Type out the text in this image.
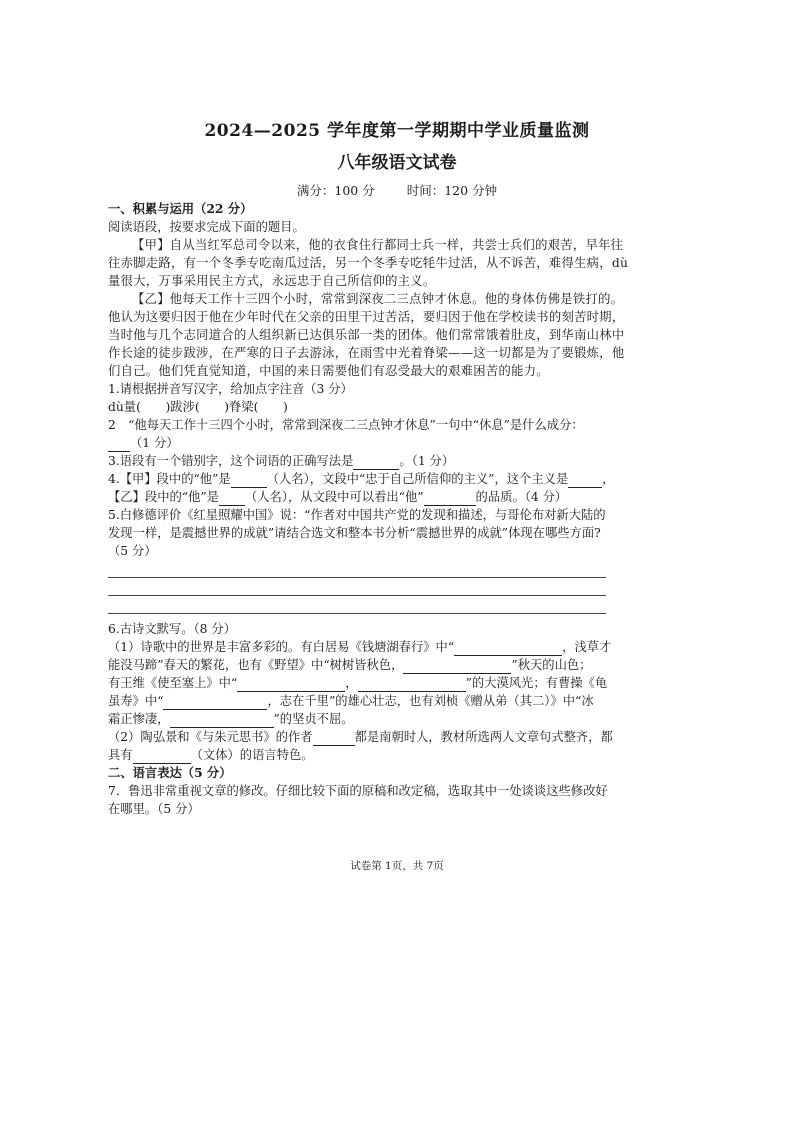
2024—2025 学年度第一学期期中学业质量监测
八年级语文试卷
满分：100 分	时间：120 分钟
一、积累与运用（22 分）
阅读语段，按要求完成下面的题目。
【甲】自从当红军总司令以来，他的衣食住行都同士兵一样，共尝士兵们的艰苦，早年往
往赤脚走路，有一个冬季专吃南瓜过活，另一个冬季专吃牦牛过活，从不诉苦，难得生病，dù
量很大，万事采用民主方式，永远忠于自己所信仰的主义。
【乙】他每天工作十三四个小时，常常到深夜二三点钟才休息。他的身体仿佛是铁打的。
他认为这要归因于他在少年时代在父亲的田里干过苦活，要归因于他在学校读书的刻苦时期，
当时他与几个志同道合的人组织新已达俱乐部一类的团体。他们常常饿着肚皮，到华南山林中
作长途的徒步跋涉，在严寒的日子去游泳，在雨雪中光着脊梁——这一切都是为了要锻炼，他
们自己。他们凭直觉知道，中国的来日需要他们有忍受最大的艰难困苦的能力。
1.请根据拼音写汉字，给加点字注音（3 分）
dù量(　　)跋涉(　　)脊梁(　　)
2　“他每天工作十三四个小时，常常到深夜二三点钟才休息”一句中“休息”是什么成分：
（1 分）
3.语段有一个错别字，这个词语的正确写法是	。（1 分）
4.【甲】段中的“他”是	（人名），文段中“忠于自己所信仰的主义”，这个主义是	，
【乙】段中的“他”是 （人名），从文段中可以看出“他”	的品质。（4 分）
5.白修德评价《红星照耀中国》说：“作者对中国共产党的发现和描述，与哥伦布对新大陆的
发现一样，是震撼世界的成就”请结合选文和整本书分析“震撼世界的成就”体现在哪些方面?
（5 分）
6.古诗文默写。（8 分）
（1）诗歌中的世界是丰富多彩的。有白居易《钱塘湖春行》中“	，浅草才
能没马蹄”春天的繁花，也有《野望》中“树树皆秋色，	”秋天的山色；
有王维《使至塞上》中“	，	”的大漠风光；有曹操《龟
虽寿》中“	，志在千里”的雄心壮志，也有刘桢《赠从弟（其二）》中“冰
霜正惨凄，	”的坚贞不屈。
（2）陶弘景和《与朱元思书》的作者	都是南朝时人，教材所选两人文章句式整齐，都
具有	（文体）的语言特色。
二、语言表达（5 分）
7．鲁迅非常重视文章的修改。仔细比较下面的原稿和改定稿，选取其中一处谈谈这些修改好
在哪里。（5 分）
试卷第 1页，共 7页
